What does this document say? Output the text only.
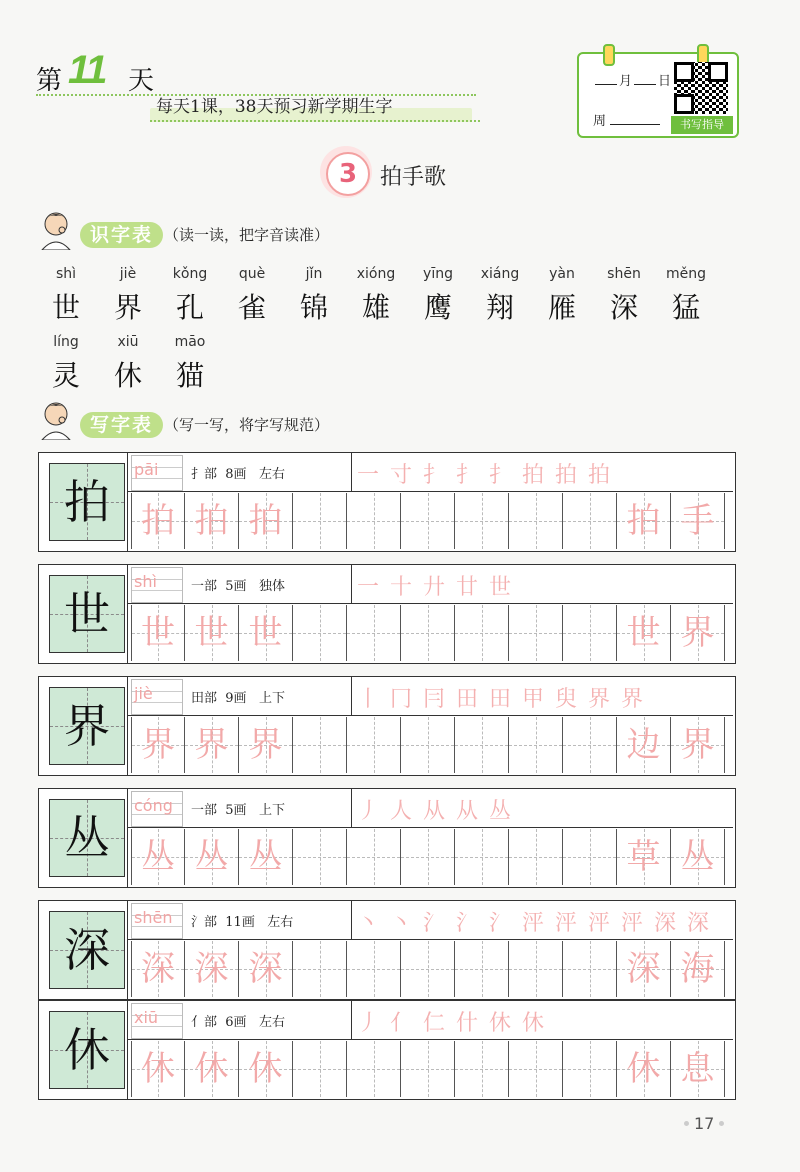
第 11 天
每天1课，38天预习新学期生字
月 日
周	书写指导
3	拍手歌
识字表 （读一读，把字音读准）
shì
世
jiè
界
kǒng
孔
què
雀
jǐn
锦
xióng
雄
yīng
鹰
xiáng
翔
yàn
雁
shēn
深
měng
猛
líng
灵
xiū
休
māo
猫
写字表 （写一写，将字写规范）
拍
pāi	扌部 8画 左右	一 寸 扌 扌 扌 拍 拍 拍
拍 拍 拍	拍 手
世
shì	一部 5画 独体	一 十 廾 廿 世
世 世 世	世 界
界
jiè	田部 9画 上下	丨 冂 冃 田 田 甲 臾 界 界
界 界 界	边 界
丛
cóng 一部 5画 上下	丿 人 从 从 丛
丛 丛 丛	草 丛
深
shēn 氵部 11画 左右	丶 丶 氵 氵 氵 泙 泙 泙 泙 深 深
深 深 深	深 海
休
xiū	亻部 6画 左右	丿 亻 仁 什 休 休
休 休 休	休 息
17
